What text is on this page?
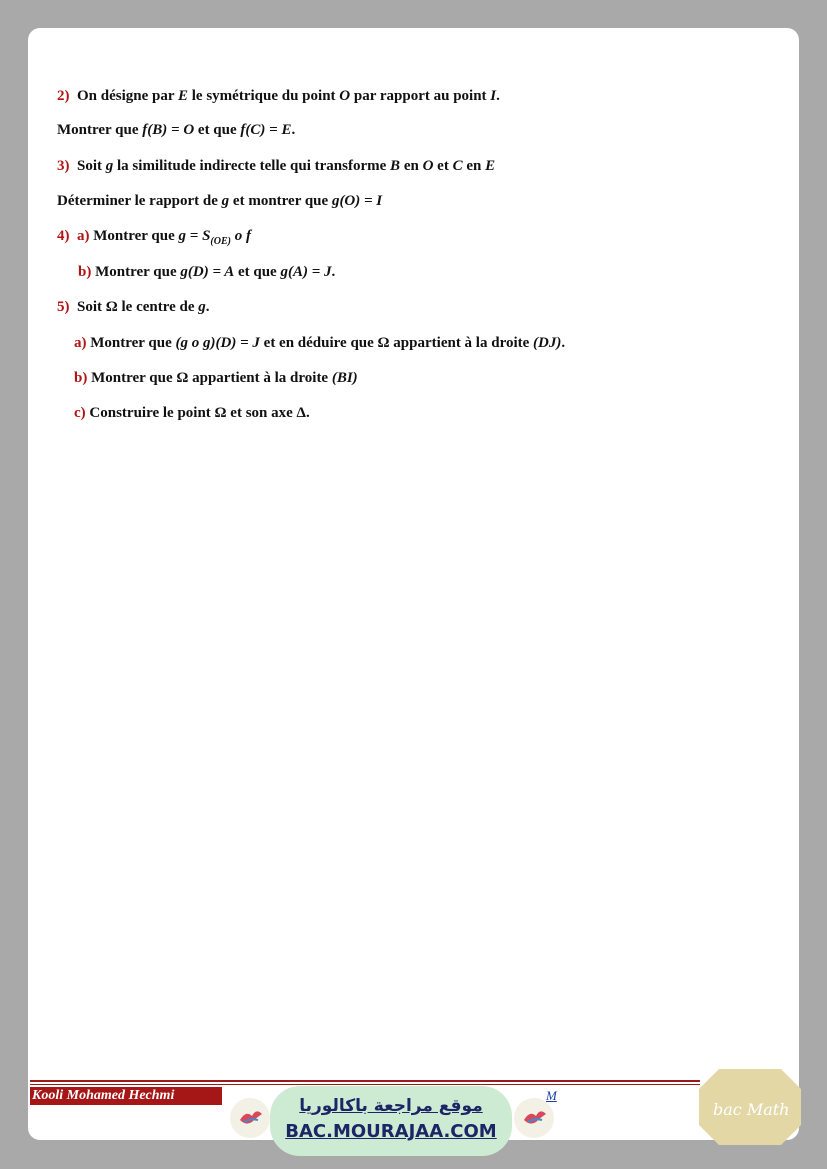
2) On désigne par E le symétrique du point O par rapport au point I.
Montrer que f(B) = O et que f(C) = E.
3) Soit g la similitude indirecte telle qui transforme B en O et C en E
Déterminer le rapport de g et montrer que g(O) = I
4) a) Montrer que $g = S_{(OE)}$ o f
b) Montrer que g(D) = A et que g(A) = J.
5) Soit Ω le centre de g.
a) Montrer que (g o g)(D) = J et en déduire que Ω appartient à la droite (DJ).
b) Montrer que Ω appartient à la droite (BI)
c) Construire le point Ω et son axe Δ.
Kooli Mohamed Hechmi	M
موقع مراجعة باكالوريا
BAC.MOURAJAA.COM
bac Math
